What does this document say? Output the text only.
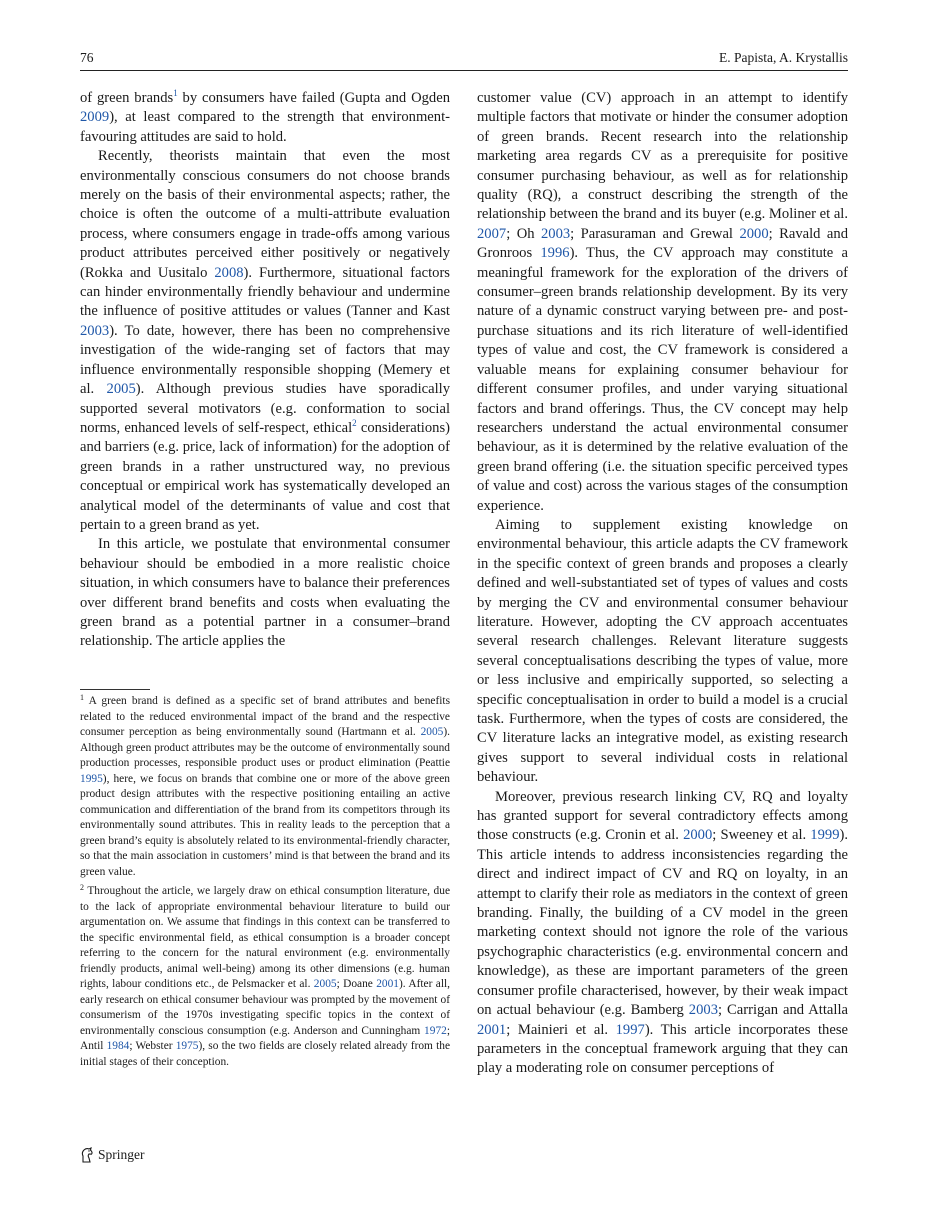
76	E. Papista, A. Krystallis

of green brands$^1$ by consumers have failed (Gupta and Ogden 2009), at least compared to the strength that environment-favouring attitudes are said to hold.

Recently, theorists maintain that even the most environmentally conscious consumers do not choose brands merely on the basis of their environmental aspects; rather, the choice is often the outcome of a multi-attribute evaluation process, where consumers engage in trade-offs among various product attributes perceived either positively or negatively (Rokka and Uusitalo 2008). Furthermore, situational factors can hinder environmentally friendly behaviour and undermine the influence of positive attitudes or values (Tanner and Kast 2003). To date, however, there has been no comprehensive investigation of the wide-ranging set of factors that may influence environmentally responsible shopping (Memery et al. 2005). Although previous studies have sporadically supported several motivators (e.g. conformation to social norms, enhanced levels of self-respect, ethical$^2$ considerations) and barriers (e.g. price, lack of information) for the adoption of green brands in a rather unstructured way, no previous conceptual or empirical work has systematically developed an analytical model of the determinants of value and cost that pertain to a green brand as yet.

In this article, we postulate that environmental consumer behaviour should be embodied in a more realistic choice situation, in which consumers have to balance their preferences over different brand benefits and costs when evaluating the green brand as a potential partner in a consumer–brand relationship. The article applies the

$^1$ A green brand is defined as a specific set of brand attributes and benefits related to the reduced environmental impact of the brand and the respective consumer perception as being environmentally sound (Hartmann et al. 2005). Although green product attributes may be the outcome of environmentally sound production processes, responsible product uses or product elimination (Peattie 1995), here, we focus on brands that combine one or more of the above green product design attributes with the respective positioning entailing an active communication and differentiation of the brand from its competitors through its environmentally sound attributes. This in reality leads to the perception that a green brand’s equity is absolutely related to its environmental-friendly character, so that the main association in customers’ mind is that between the brand and its green value.

$^2$ Throughout the article, we largely draw on ethical consumption literature, due to the lack of appropriate environmental behaviour literature to build our argumentation on. We assume that findings in this context can be transferred to the specific environmental field, as ethical consumption is a broader concept referring to the concern for the natural environment (e.g. environmentally friendly products, animal well-being) among its other dimensions (e.g. human rights, labour conditions etc., de Pelsmacker et al. 2005; Doane 2001). After all, early research on ethical consumer behaviour was prompted by the movement of consumerism of the 1970s investigating specific topics in the context of environmentally conscious consumption (e.g. Anderson and Cunningham 1972; Antil 1984; Webster 1975), so the two fields are closely related already from the initial stages of their conception.

customer value (CV) approach in an attempt to identify multiple factors that motivate or hinder the consumer adoption of green brands. Recent research into the relationship marketing area regards CV as a prerequisite for positive consumer purchasing behaviour, as well as for relationship quality (RQ), a construct describing the strength of the relationship between the brand and its buyer (e.g. Moliner et al. 2007; Oh 2003; Parasuraman and Grewal 2000; Ravald and Gronroos 1996). Thus, the CV approach may constitute a meaningful framework for the exploration of the drivers of consumer–green brands relationship development. By its very nature of a dynamic construct varying between pre- and post-purchase situations and its rich literature of well-identified types of value and cost, the CV framework is considered a valuable means for explaining consumer behaviour for different consumer profiles, and under varying situational factors and brand offerings. Thus, the CV concept may help researchers understand the actual environmental consumer behaviour, as it is determined by the relative evaluation of the green brand offering (i.e. the situation specific perceived types of value and cost) across the various stages of the consumption experience.

Aiming to supplement existing knowledge on environmental behaviour, this article adapts the CV framework in the specific context of green brands and proposes a clearly defined and well-substantiated set of types of values and costs by merging the CV and environmental consumer behaviour literature. However, adopting the CV approach accentuates several research challenges. Relevant literature suggests several conceptualisations describing the types of value, more or less inclusive and empirically supported, so selecting a specific conceptualisation in order to build a model is a crucial task. Furthermore, when the types of costs are considered, the CV literature lacks an integrative model, as existing research gives support to several individual costs in relational behaviour.

Moreover, previous research linking CV, RQ and loyalty has granted support for several contradictory effects among those constructs (e.g. Cronin et al. 2000; Sweeney et al. 1999). This article intends to address inconsistencies regarding the direct and indirect impact of CV and RQ on loyalty, in an attempt to clarify their role as mediators in the context of green branding. Finally, the building of a CV model in the green marketing context should not ignore the role of the various psychographic characteristics (e.g. environmental concern and knowledge), as these are important parameters of the green consumer profile characterised, however, by their weak impact on actual behaviour (e.g. Bamberg 2003; Carrigan and Attalla 2001; Mainieri et al. 1997). This article incorporates these parameters in the conceptual framework arguing that they can play a moderating role on consumer perceptions of

Springer
